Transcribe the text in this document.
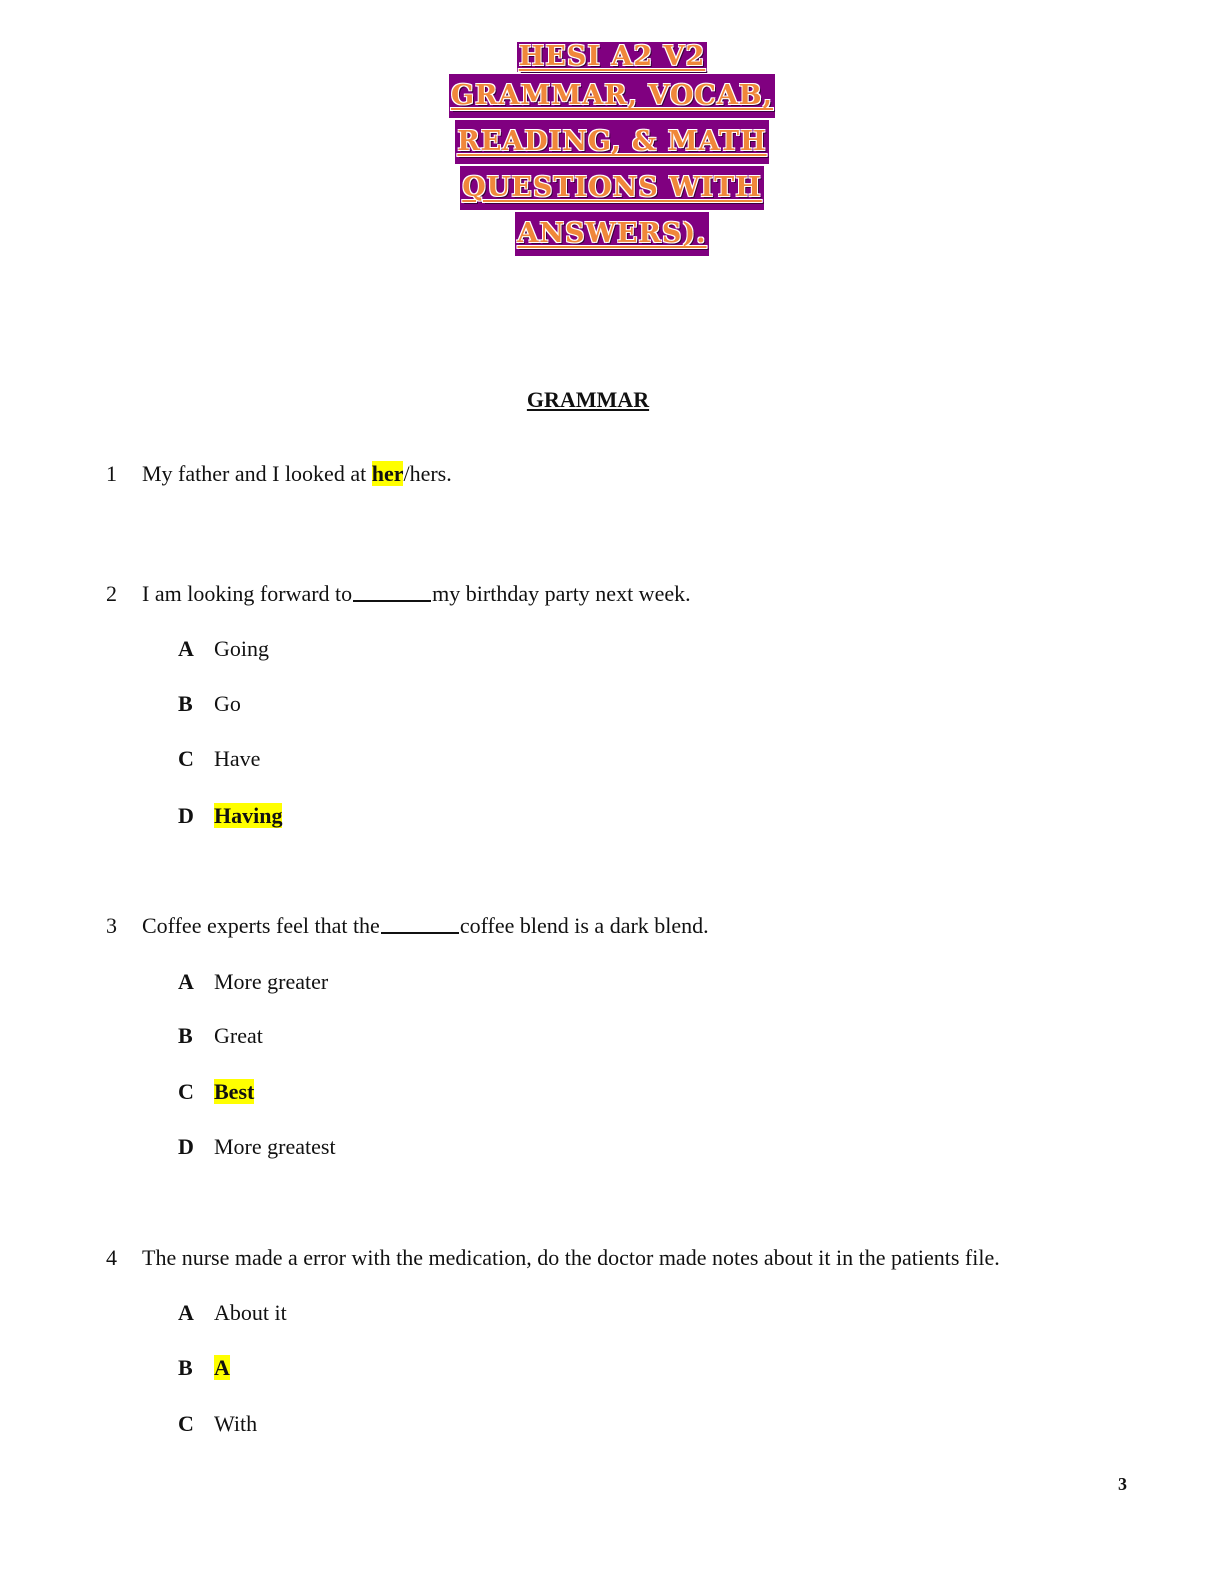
HESI A2 V2
GRAMMAR, VOCAB,
READING, & MATH
QUESTIONS WITH
ANSWERS).
GRAMMAR
1 My father and I looked at her/hers.
2 I am looking forward to	my birthday party next week.
A Going
B Go
C Have
D Having
3 Coffee experts feel that the	coffee blend is a dark blend.
A More greater
B Great
C Best
D More greatest
4 The nurse made a error with the medication, do the doctor made notes about it in the patients file.
A About it
B A
C With
3
